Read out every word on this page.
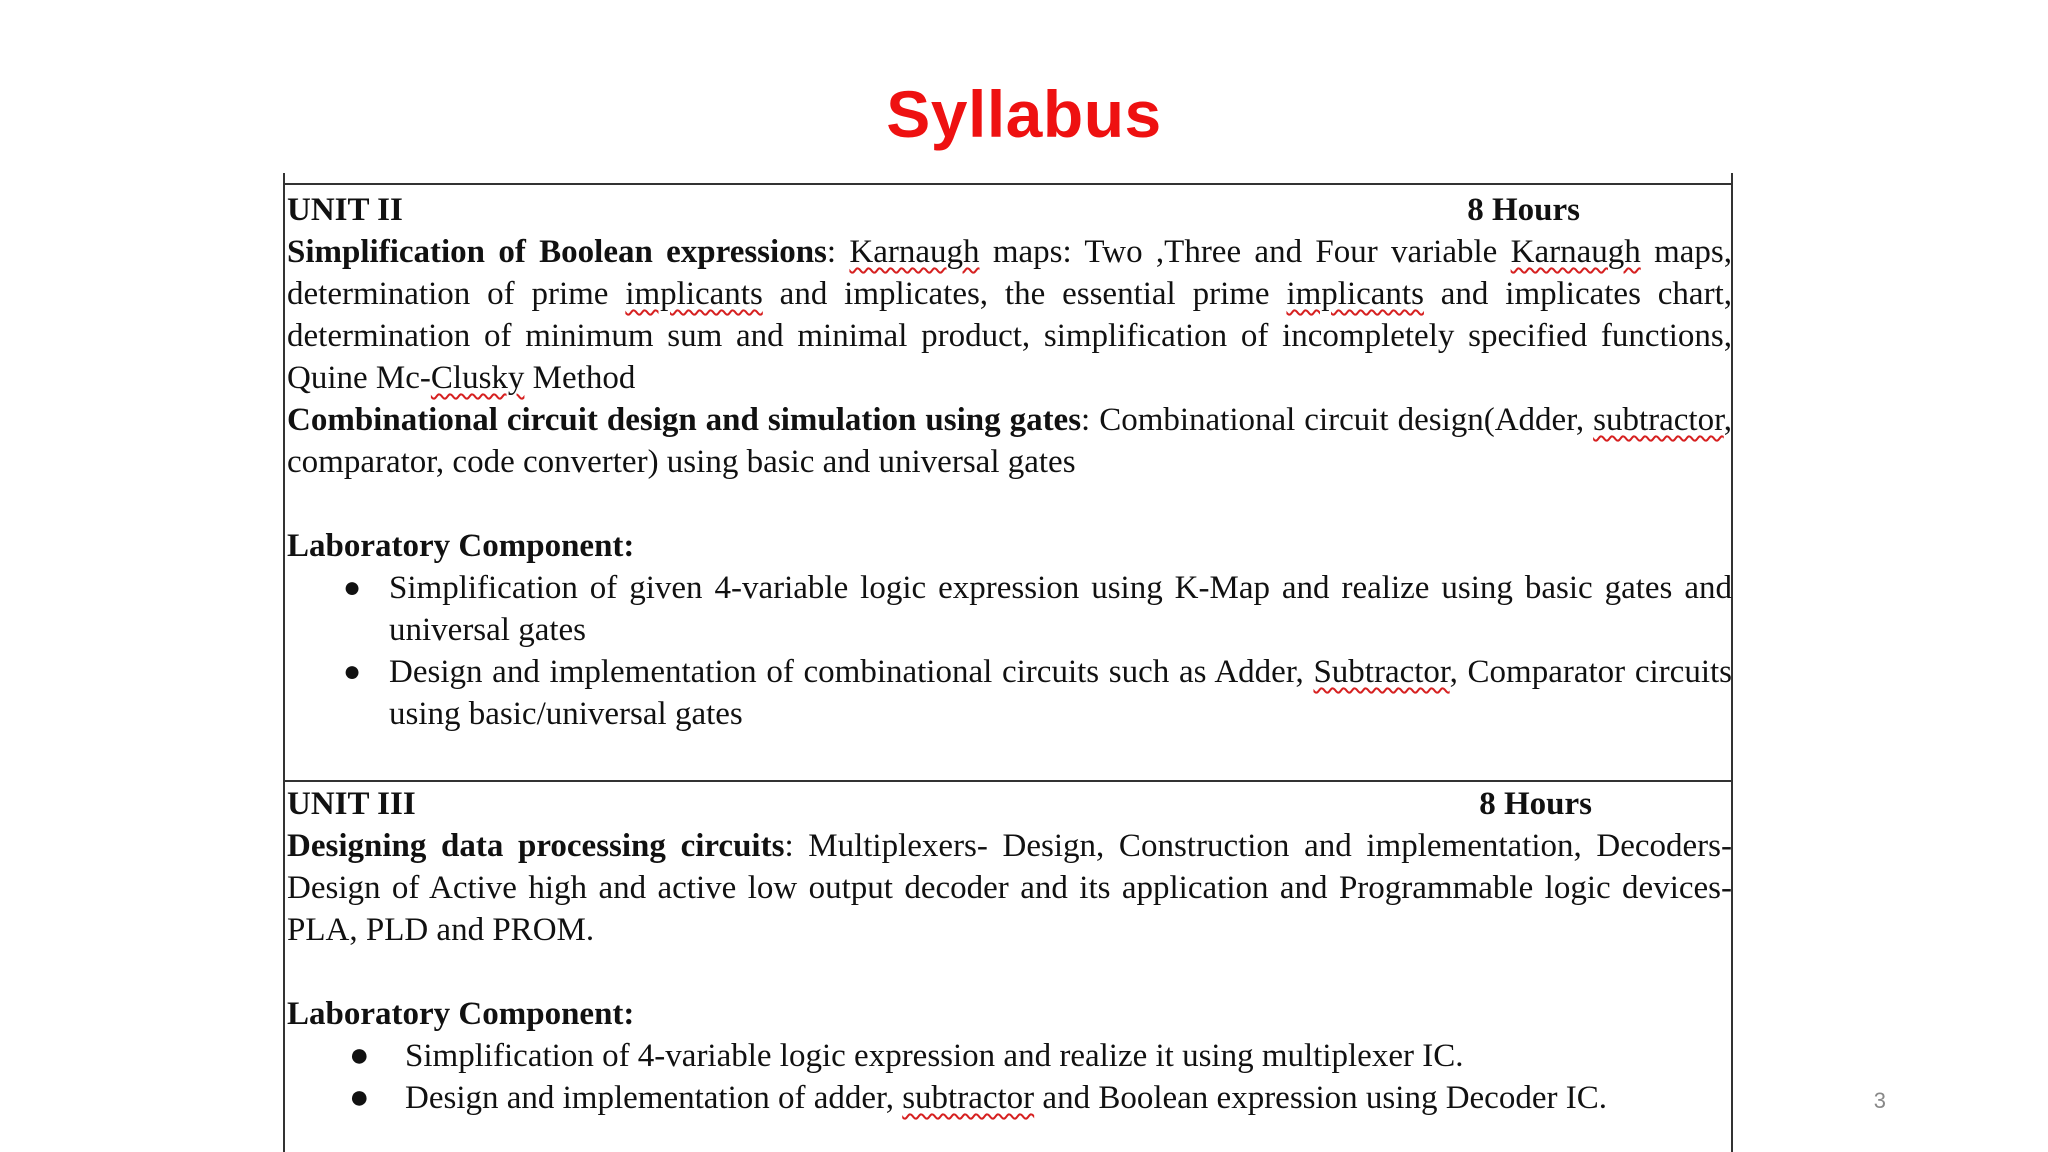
Syllabus
UNIT II	8 Hours

Simplification of Boolean expressions: Karnaugh maps: Two ,Three and Four variable Karnaugh maps, determination of prime implicants and implicates, the essential prime implicants and implicates chart, determination of minimum sum and minimal product, simplification of incompletely specified functions, Quine Mc-Clusky Method

Combinational circuit design and simulation using gates: Combinational circuit design(Adder, subtractor, comparator, code converter) using basic and universal gates

Laboratory Component:
● Simplification of given 4-variable logic expression using K-Map and realize using basic gates and universal gates
● Design and implementation of combinational circuits such as Adder, Subtractor, Comparator circuits using basic/universal gates
UNIT III	8 Hours

Designing data processing circuits: Multiplexers- Design, Construction and implementation, Decoders- Design of Active high and active low output decoder and its application and Programmable logic devices- PLA, PLD and PROM.

Laboratory Component:
● Simplification of 4-variable logic expression and realize it using multiplexer IC.
● Design and implementation of adder, subtractor and Boolean expression using Decoder IC.	3
